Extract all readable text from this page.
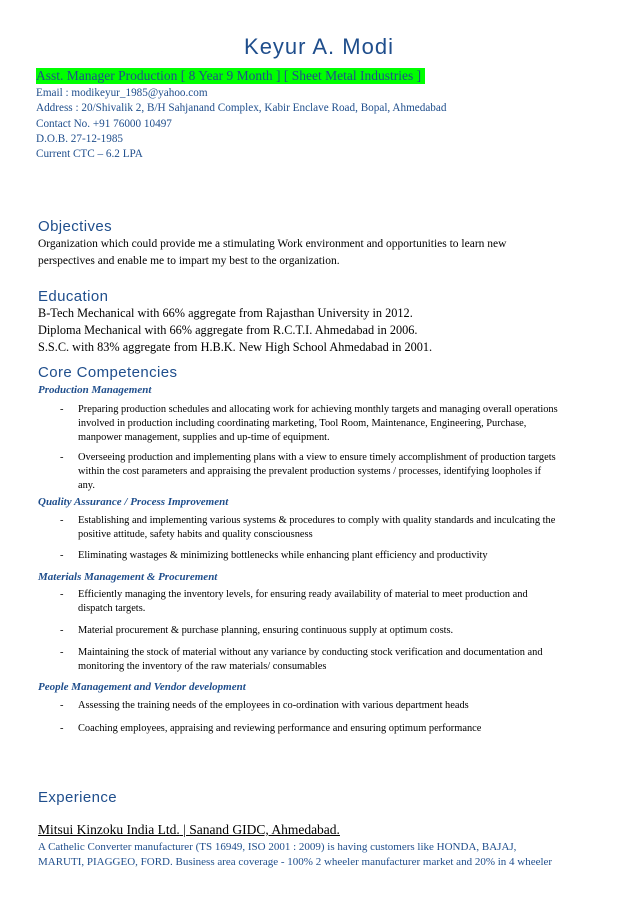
Keyur A. Modi
Asst. Manager Production [ 8 Year 9 Month ] [ Sheet Metal Industries ]
Email : modikeyur_1985@yahoo.com
Address : 20/Shivalik 2, B/H Sahjanand Complex, Kabir Enclave Road, Bopal, Ahmedabad
Contact No. +91 76000 10497
D.O.B. 27-12-1985
Current CTC – 6.2 LPA
Objectives
Organization which could provide me a stimulating Work environment and opportunities to learn new
perspectives and enable me to impart my best to the organization.
Education
B-Tech Mechanical with 66% aggregate from Rajasthan University in 2012.
Diploma Mechanical with 66% aggregate from R.C.T.I. Ahmedabad in 2006.
S.S.C. with 83% aggregate from H.B.K. New High School Ahmedabad in 2001.
Core Competencies
Production Management
- Preparing production schedules and allocating work for achieving monthly targets and managing overall operations
involved in production including coordinating marketing, Tool Room, Maintenance, Engineering, Purchase,
manpower management, supplies and up-time of equipment.
- Overseeing production and implementing plans with a view to ensure timely accomplishment of production targets
within the cost parameters and appraising the prevalent production systems / processes, identifying loopholes if
any.
Quality Assurance / Process Improvement
- Establishing and implementing various systems & procedures to comply with quality standards and inculcating the
positive attitude, safety habits and quality consciousness
- Eliminating wastages & minimizing bottlenecks while enhancing plant efficiency and productivity
Materials Management & Procurement
- Efficiently managing the inventory levels, for ensuring ready availability of material to meet production and
dispatch targets.
- Material procurement & purchase planning, ensuring continuous supply at optimum costs.
- Maintaining the stock of material without any variance by conducting stock verification and documentation and
monitoring the inventory of the raw materials/ consumables
People Management and Vendor development
- Assessing the training needs of the employees in co-ordination with various department heads
- Coaching employees, appraising and reviewing performance and ensuring optimum performance
Experience
Mitsui Kinzoku India Ltd. | Sanand GIDC, Ahmedabad.
A Cathelic Converter manufacturer (TS 16949, ISO 2001 : 2009) is having customers like HONDA, BAJAJ,
MARUTI, PIAGGEO, FORD. Business area coverage - 100% 2 wheeler manufacturer market and 20% in 4 wheeler
